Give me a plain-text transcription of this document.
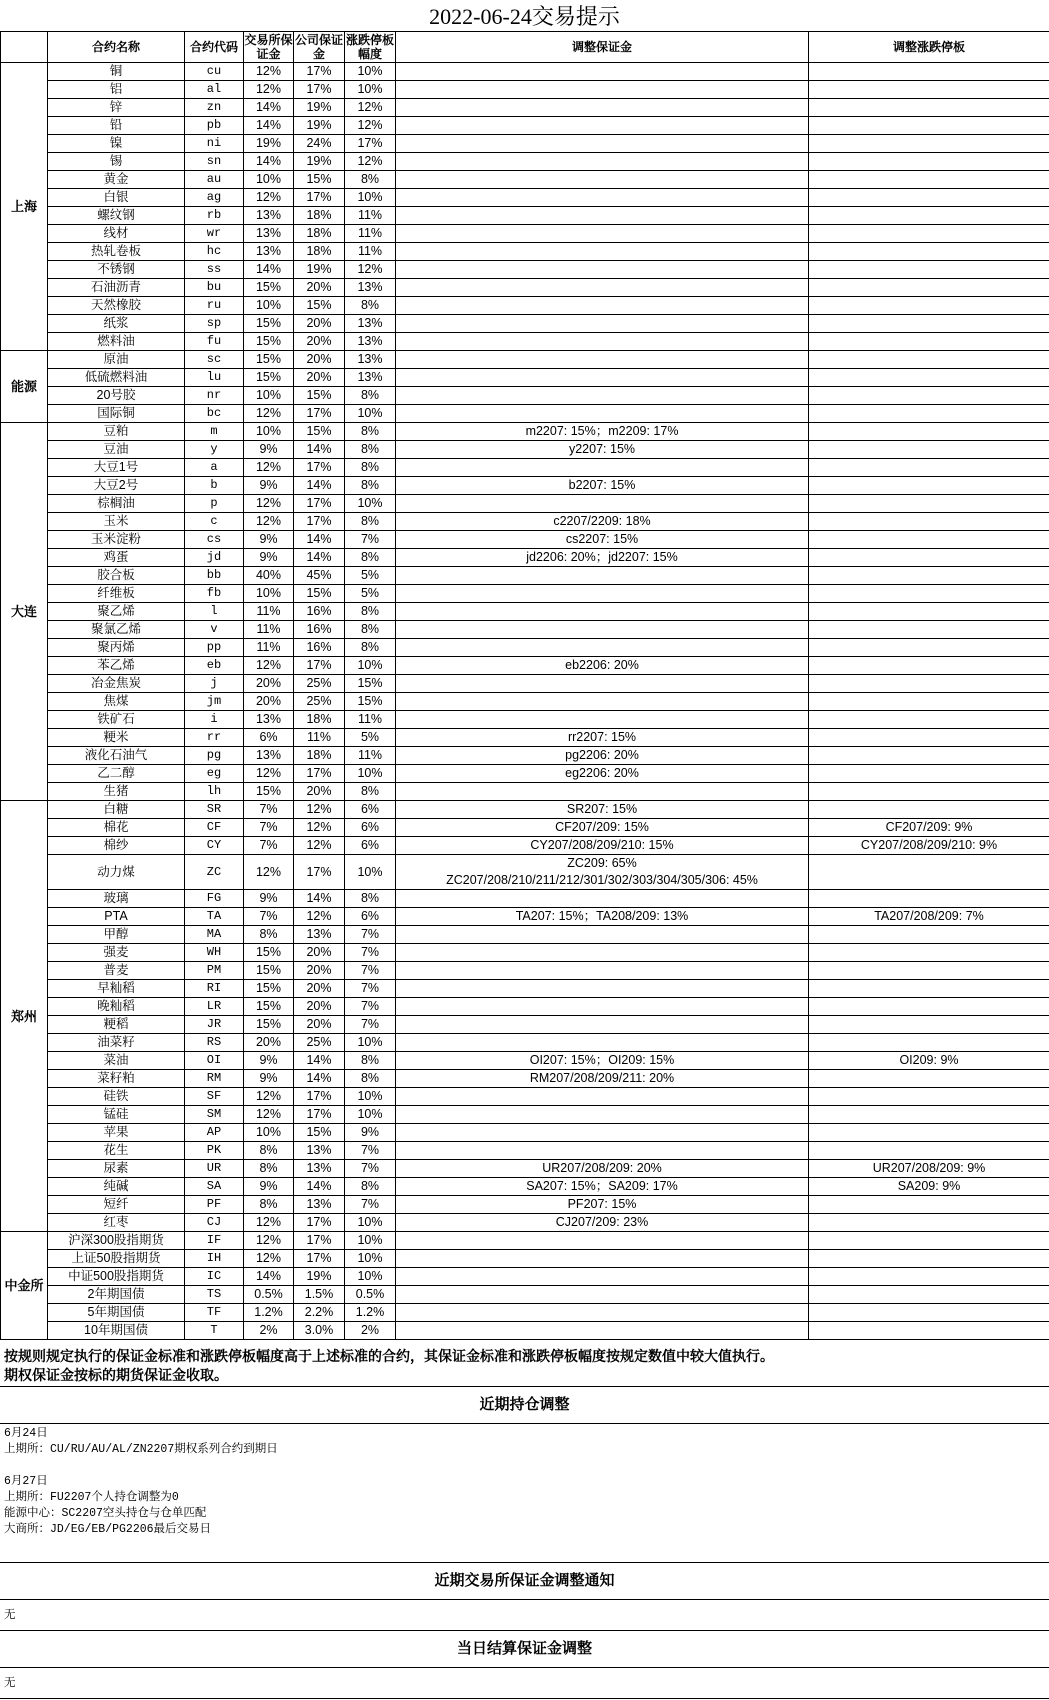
2022-06-24交易提示
	合约名称	合约代码	交易所保证金	公司保证金	涨跌停板幅度	调整保证金	调整涨跌停板
上海	铜	cu	12%	17%	10%		
	铝	al	12%	17%	10%		
	锌	zn	14%	19%	12%		
	铅	pb	14%	19%	12%		
	镍	ni	19%	24%	17%		
	锡	sn	14%	19%	12%		
	黄金	au	10%	15%	8%		
	白银	ag	12%	17%	10%		
	螺纹钢	rb	13%	18%	11%		
	线材	wr	13%	18%	11%		
	热轧卷板	hc	13%	18%	11%		
	不锈钢	ss	14%	19%	12%		
	石油沥青	bu	15%	20%	13%		
	天然橡胶	ru	10%	15%	8%		
	纸浆	sp	15%	20%	13%		
	燃料油	fu	15%	20%	13%		
能源	原油	sc	15%	20%	13%		
	低硫燃料油	lu	15%	20%	13%		
	20号胶	nr	10%	15%	8%		
	国际铜	bc	12%	17%	10%		
大连	豆粕	m	10%	15%	8%	m2207: 15%；m2209: 17%	
	豆油	y	9%	14%	8%	y2207: 15%	
	大豆1号	a	12%	17%	8%		
	大豆2号	b	9%	14%	8%	b2207: 15%	
	棕榈油	p	12%	17%	10%		
	玉米	c	12%	17%	8%	c2207/2209: 18%	
	玉米淀粉	cs	9%	14%	7%	cs2207: 15%	
	鸡蛋	jd	9%	14%	8%	jd2206: 20%；jd2207: 15%	
	胶合板	bb	40%	45%	5%		
	纤维板	fb	10%	15%	5%		
	聚乙烯	l	11%	16%	8%		
	聚氯乙烯	v	11%	16%	8%		
	聚丙烯	pp	11%	16%	8%		
	苯乙烯	eb	12%	17%	10%	eb2206: 20%	
	冶金焦炭	j	20%	25%	15%		
	焦煤	jm	20%	25%	15%		
	铁矿石	i	13%	18%	11%		
	粳米	rr	6%	11%	5%	rr2207: 15%	
	液化石油气	pg	13%	18%	11%	pg2206: 20%	
	乙二醇	eg	12%	17%	10%	eg2206: 20%	
	生猪	lh	15%	20%	8%		
郑州	白糖	SR	7%	12%	6%	SR207: 15%	
	棉花	CF	7%	12%	6%	CF207/209: 15%	CF207/209: 9%
	棉纱	CY	7%	12%	6%	CY207/208/209/210: 15%	CY207/208/209/210: 9%
	动力煤	ZC	12%	17%	10%	ZC209: 65%
ZC207/208/210/211/212/301/302/303/304/305/306: 45%	

	玻璃	FG	9%	14%	8%		
	PTA	TA	7%	12%	6%	TA207: 15%；TA208/209: 13%	TA207/208/209: 7%
	甲醇	MA	8%	13%	7%		
	强麦	WH	15%	20%	7%		
	普麦	PM	15%	20%	7%		
	早籼稻	RI	15%	20%	7%		
	晚籼稻	LR	15%	20%	7%		
	粳稻	JR	15%	20%	7%		
	油菜籽	RS	20%	25%	10%		
	菜油	OI	9%	14%	8%	OI207: 15%；OI209: 15%	OI209: 9%
	菜籽粕	RM	9%	14%	8%	RM207/208/209/211: 20%	
	硅铁	SF	12%	17%	10%		
	锰硅	SM	12%	17%	10%		
	苹果	AP	10%	15%	9%		
	花生	PK	8%	13%	7%		
	尿素	UR	8%	13%	7%	UR207/208/209: 20%	UR207/208/209: 9%
	纯碱	SA	9%	14%	8%	SA207: 15%；SA209: 17%	SA209: 9%
	短纤	PF	8%	13%	7%	PF207: 15%	
	红枣	CJ	12%	17%	10%	CJ207/209: 23%	
中金所	沪深300股指期货	IF	12%	17%	10%		
	上证50股指期货	IH	12%	17%	10%		
	中证500股指期货	IC	14%	19%	10%		
	2年期国债	TS	0.5%	1.5%	0.5%		
	5年期国债	TF	1.2%	2.2%	1.2%		
	10年期国债	T	2%	3.0%	2%		
按规则规定执行的保证金标准和涨跌停板幅度高于上述标准的合约，其保证金标准和涨跌停板幅度按规定数值中较大值执行。
期权保证金按标的期货保证金收取。
近期持仓调整
6月24日
上期所：CU/RU/AU/AL/ZN2207期权系列合约到期日
6月27日
上期所：FU2207个人持仓调整为0
能源中心：SC2207空头持仓与仓单匹配
大商所：JD/EG/EB/PG2206最后交易日
近期交易所保证金调整通知
无
当日结算保证金调整
无
